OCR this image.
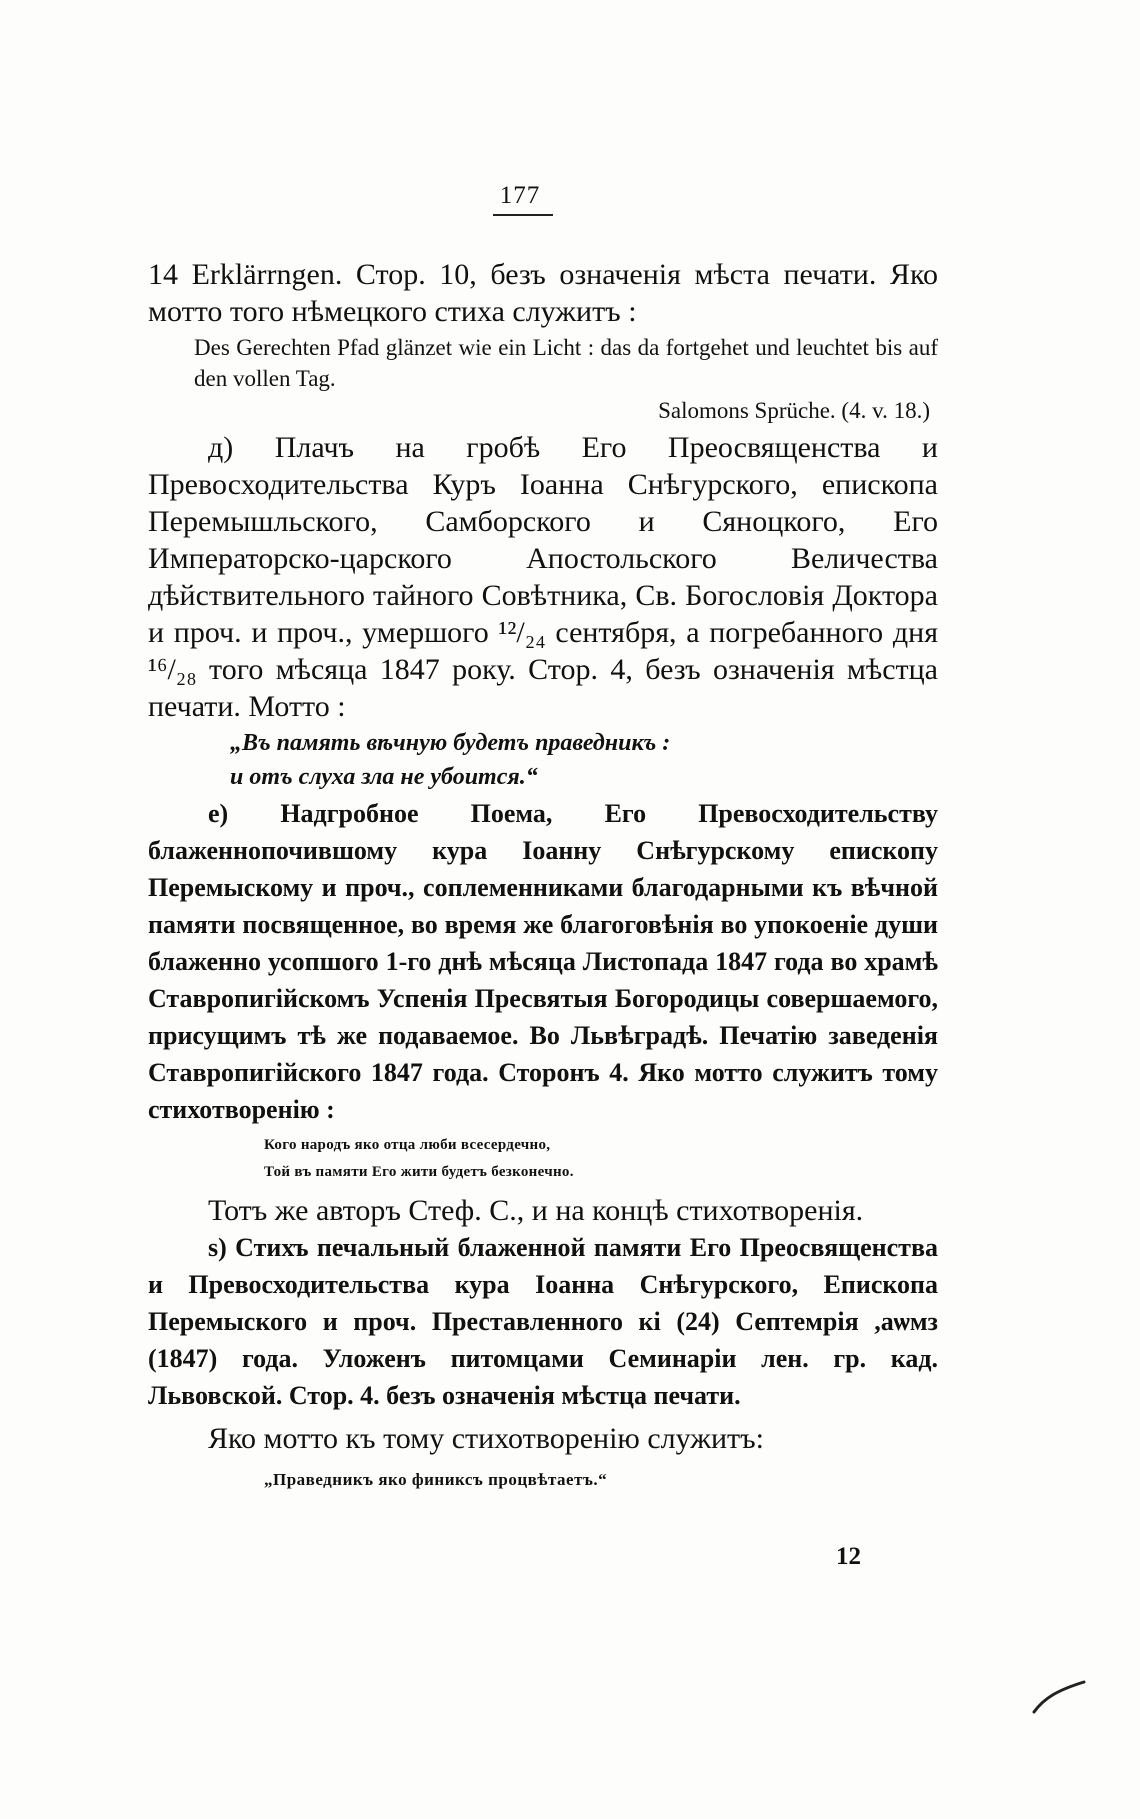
177

14 Erklärrngen. Стор. 10, безъ означенія мѣста печати. Яко мотто того нѣмецкого стиха служитъ :

Des Gerechten Pfad glänzet wie ein Licht : das da fortgehet und leuchtet bis auf den vollen Tag.

Salomons Sprüche. (4. v. 18.)

д) Плачъ на гробѣ Его Преосвященства и Превосходительства Куръ Іоанна Снѣгурского, епископа Перемышльского, Самборского и Сяноцкого, Его Императорско-царского Апостольского Величества дѣйствительного тайного Совѣтника, Св. Богословія Доктора и проч. и проч., умершого ¹²/₂₄ сентября, а погребанного дня ¹⁶/₂₈ того мѣсяца 1847 року. Стор. 4, безъ означенія мѣстца печати. Мотто :

„Въ память вѣчную будетъ праведникъ :

и отъ слуха зла не убоится.“

е) Надгробное Поема, Его Превосходительству блаженнопочившому кура Іоанну Снѣгурскому епископу Перемыскому и проч., соплеменниками благодарными къ вѣчной памяти посвященное, во время же благоговѣнія во упокоеніе души блаженно усопшого 1-го днѣ мѣсяца Листопада 1847 года во храмѣ Ставропигійскомъ Успенія Пресвятыя Богородицы совершаемого, присущимъ тѣ же подаваемое. Во Львѣградѣ. Печатію заведенія Ставропигійского 1847 года. Сторонъ 4. Яко мотто служитъ тому стихотворенію :

Кого народъ яко отца люби всесердечно,
Той въ памяти Его жити будетъ безконечно.

Тотъ же авторъ Стеф. С., и на концѣ стихотворенія.

ѕ) Стихъ печальный блаженной памяти Его Преосвященства и Превосходительства кура Іоанна Снѣгурского, Епископа Перемыского и проч. Преставленного кі (24) Септемрія ,аѡмз (1847) года. Уложенъ питомцами Семинаріи лен. гр. кад. Львовской. Стор. 4. безъ означенія мѣстца печати.

Яко мотто къ тому стихотворенію служитъ:

„Праведникъ яко финиксъ процвѣтаетъ.“

12
